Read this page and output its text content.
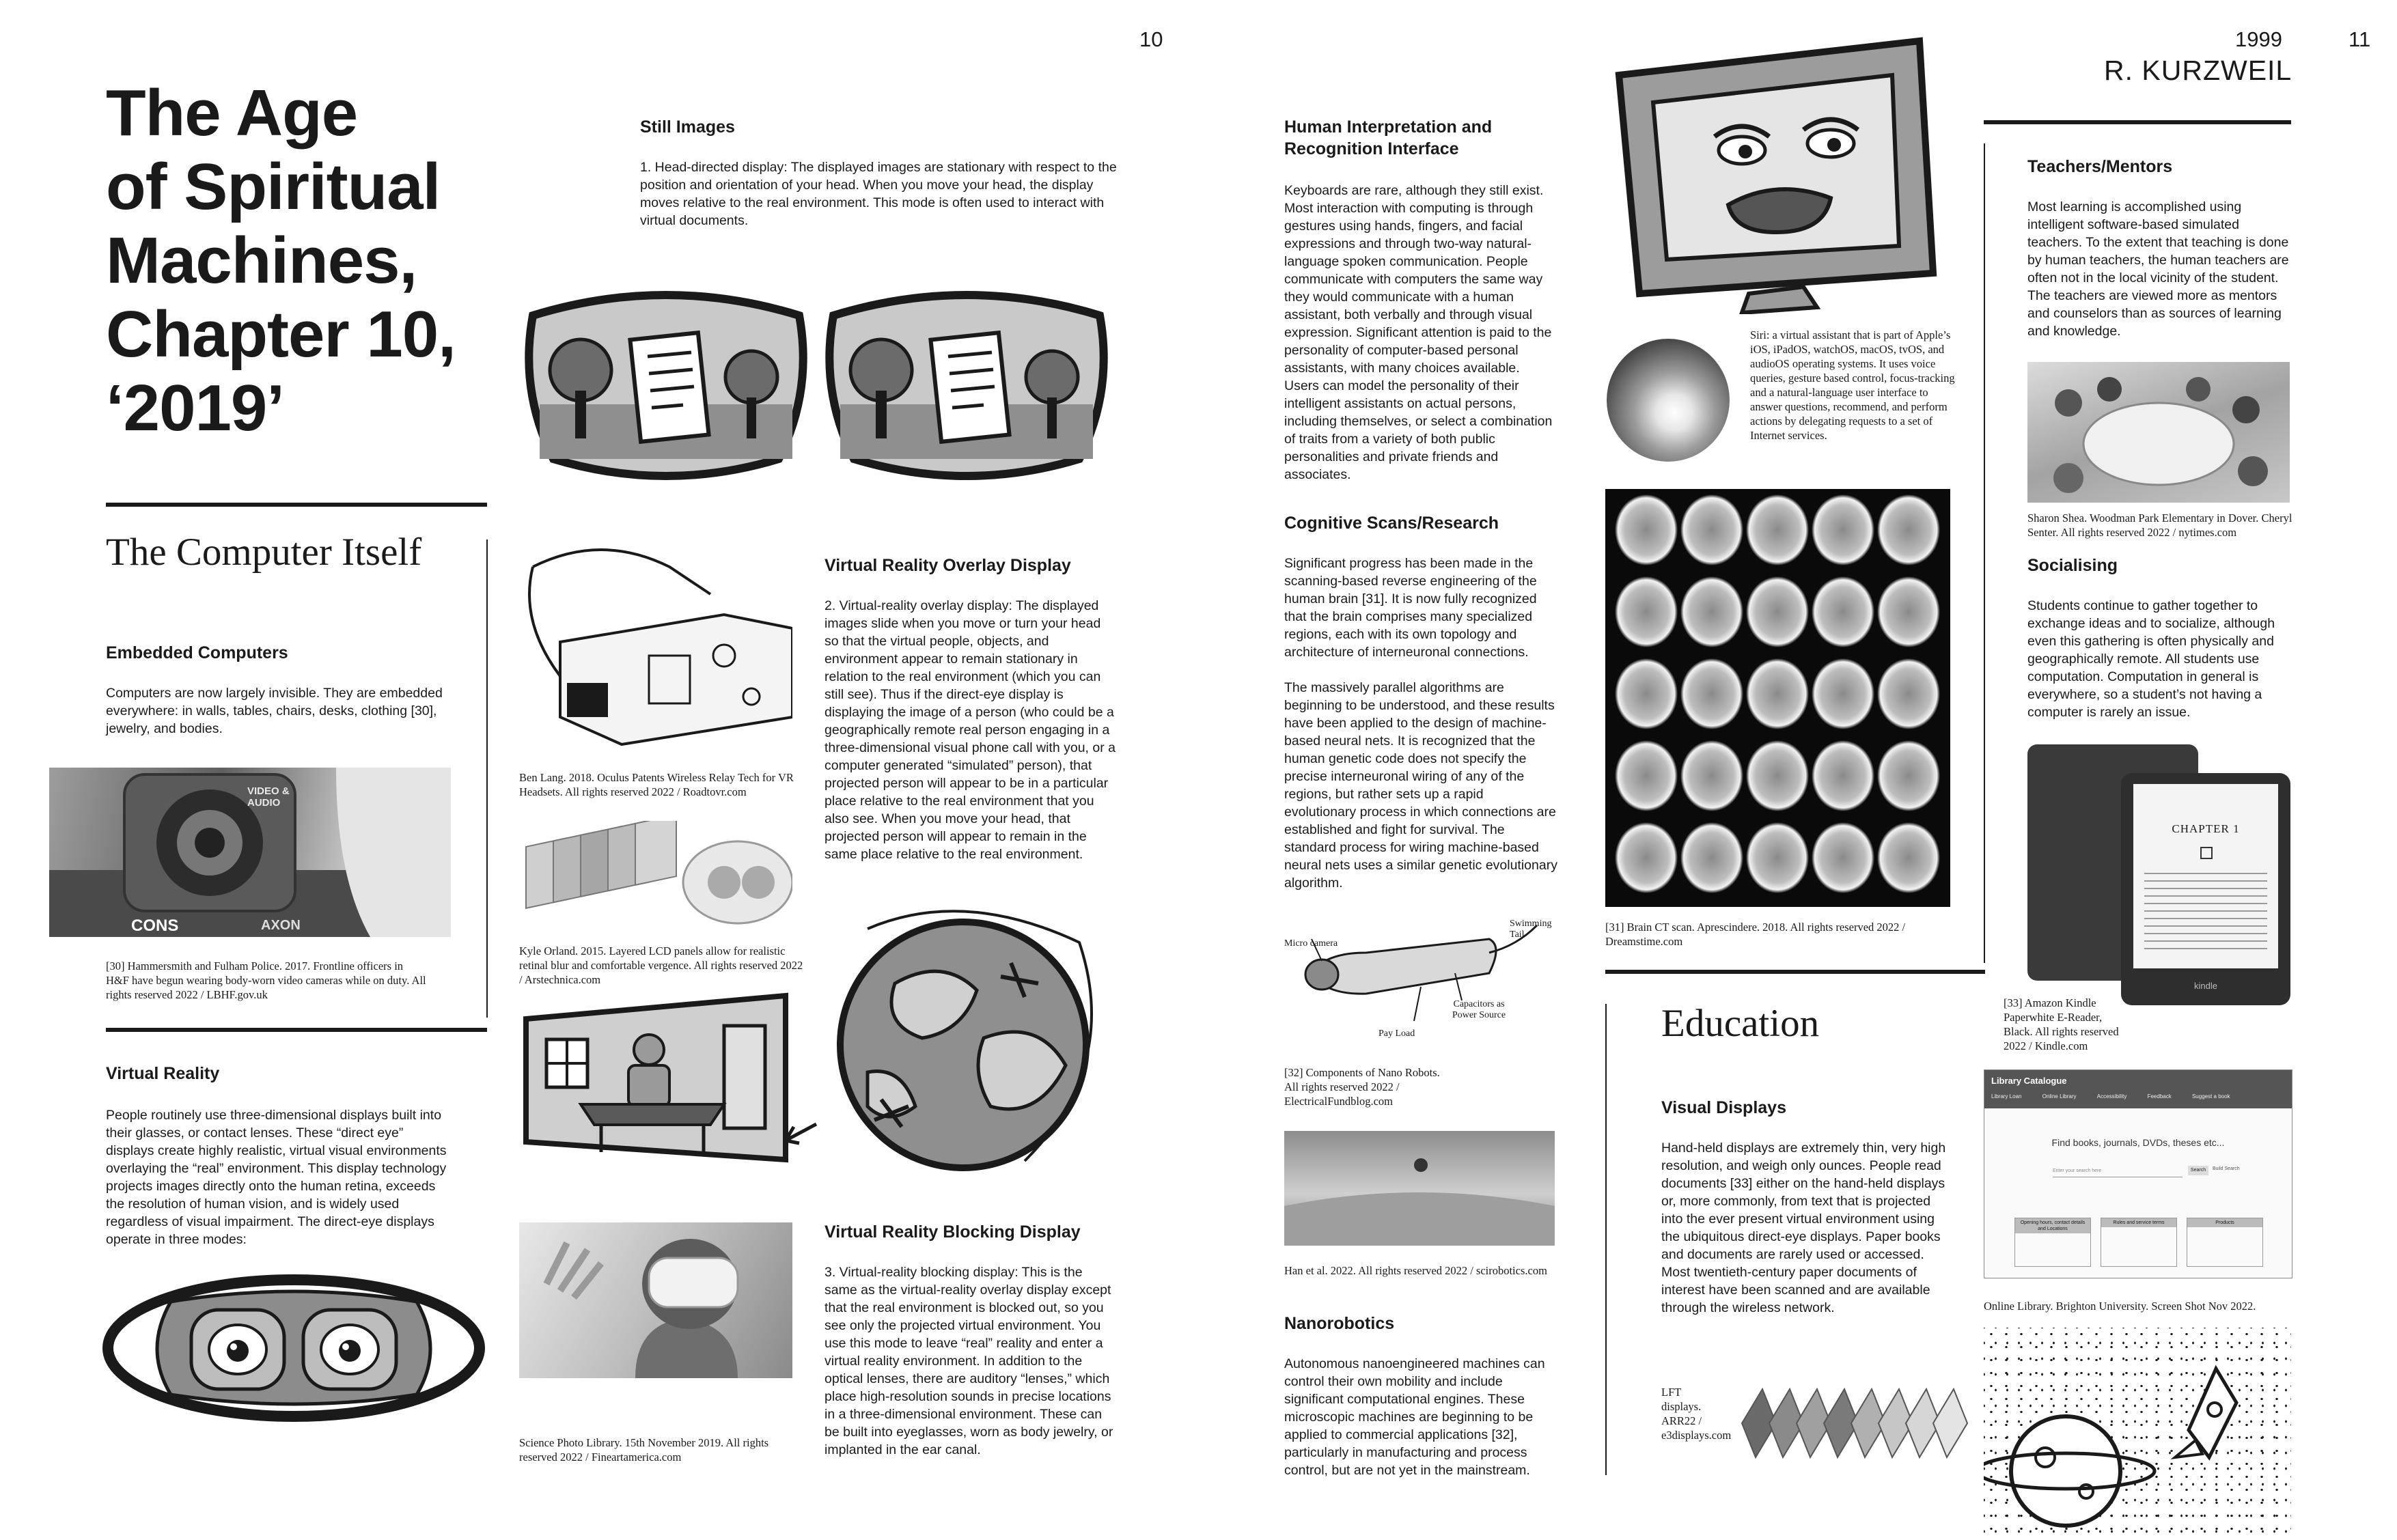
10	11
1999
R. KURZWEIL
The Age
of Spiritual
Machines,
Chapter 10,
‘2019’
The Computer Itself
Embedded Computers

Computers are now largely invisible. They are embedded everywhere: in walls, tables, chairs, desks, clothing [30], jewelry, and bodies.

VIDEO & AUDIO
AXON
CONS

[30] Hammersmith and Fulham Police. 2017. Frontline officers in H&F have begun wearing body-worn video cameras while on duty. All rights reserved 2022 / LBHF.gov.uk

Virtual Reality

People routinely use three-dimensional displays built into their glasses, or contact lenses. These “direct eye” displays create highly realistic, virtual visual environments overlaying the “real” environment. This display technology projects images directly onto the human retina, exceeds the resolution of human vision, and is widely used regardless of visual impairment. The direct-eye displays operate in three modes:

Still Images

1. Head-directed display: The displayed images are stationary with respect to the position and orientation of your head. When you move your head, the display moves relative to the real environment. This mode is often used to interact with virtual documents.

Ben Lang. 2018. Oculus Patents Wireless Relay Tech for VR Headsets. All rights reserved 2022 / Roadtovr.com

Kyle Orland. 2015. Layered LCD panels allow for realistic retinal blur and comfortable vergence. All rights reserved 2022 / Arstechnica.com

Virtual Reality Overlay Display

2. Virtual-reality overlay display: The displayed images slide when you move or turn your head so that the virtual people, objects, and environment appear to remain stationary in relation to the real environment (which you can still see). Thus if the direct-eye display is displaying the image of a person (who could be a geographically remote real person engaging in a three-dimensional visual phone call with you, or a computer generated “simulated” person), that projected person will appear to be in a particular place relative to the real environment that you also see. When you move your head, that projected person will appear to remain in the same place relative to the real environment.

Science Photo Library. 15th November 2019. All rights reserved 2022 / Fineartamerica.com

Virtual Reality Blocking Display

3. Virtual-reality blocking display: This is the same as the virtual-reality overlay display except that the real environment is blocked out, so you see only the projected virtual environment. You use this mode to leave “real” reality and enter a virtual reality environment. In addition to the optical lenses, there are auditory “lenses,” which place high-resolution sounds in precise locations in a three-dimensional environment. These can be built into eyeglasses, worn as body jewelry, or implanted in the ear canal.

Human Interpretation and Recognition Interface

Keyboards are rare, although they still exist. Most interaction with computing is through gestures using hands, fingers, and facial expressions and through two-way natural-language spoken communication. People communicate with computers the same way they would communicate with a human assistant, both verbally and through visual expression. Significant attention is paid to the personality of computer-based personal assistants, with many choices available. Users can model the personality of their intelligent assistants on actual persons, including themselves, or select a combination of traits from a variety of both public personalities and private friends and associates.

Siri: a virtual assistant that is part of Apple’s iOS, iPadOS, watchOS, macOS, tvOS, and audioOS operating systems. It uses voice queries, gesture based control, focus-tracking and a natural-language user interface to answer questions, recommend, and perform actions by delegating requests to a set of Internet services.

Cognitive Scans/Research

Significant progress has been made in the scanning-based reverse engineering of the human brain [31]. It is now fully recognized that the brain comprises many specialized regions, each with its own topology and architecture of interneuronal connections.

The massively parallel algorithms are beginning to be understood, and these results have been applied to the design of machine-based neural nets. It is recognized that the human genetic code does not specify the precise interneuronal wiring of any of the regions, but rather sets up a rapid evolutionary process in which connections are established and fight for survival. The standard process for wiring machine-based neural nets uses a similar genetic evolutionary algorithm.

[31] Brain CT scan. Aprescindere. 2018. All rights reserved 2022 / Dreamstime.com

Micro camera
Swimming Tail
Pay Load
Capacitors as Power Source

[32] Components of Nano Robots. All rights reserved 2022 / ElectricalFundblog.com

Han et al. 2022. All rights reserved 2022 / scirobotics.com

Nanorobotics

Autonomous nanoengineered machines can control their own mobility and include significant computational engines. These microscopic machines are beginning to be applied to commercial applications [32], particularly in manufacturing and process control, but are not yet in the mainstream.

Education
Visual Displays

Hand-held displays are extremely thin, very high resolution, and weigh only ounces. People read documents [33] either on the hand-held displays or, more commonly, from text that is projected into the ever present virtual environment using the ubiquitous direct-eye displays. Paper books and documents are rarely used or accessed. Most twentieth-century paper documents of interest have been scanned and are available through the wireless network.

LFT displays. ARR22 / e3displays.com

Teachers/Mentors

Most learning is accomplished using intelligent software-based simulated teachers. To the extent that teaching is done by human teachers, the human teachers are often not in the local vicinity of the student. The teachers are viewed more as mentors and counselors than as sources of learning and knowledge.

Sharon Shea. Woodman Park Elementary in Dover. Cheryl Senter. All rights reserved 2022 / nytimes.com

Socialising

Students continue to gather together to exchange ideas and to socialize, although even this gathering is often physically and geographically remote. All students use computation. Computation in general is everywhere, so a student’s not having a computer is rarely an issue.

CHAPTER 1
kindle

[33] Amazon Kindle Paperwhite E-Reader, Black. All rights reserved 2022 / Kindle.com

Library Catalogue
Library Loan	Online Library	Accessibility	Feedback	Suggest a book
Find books, journals, DVDs, theses etc...
Enter your search here	Search	Build Search
Opening hours, contact details and Locations
Rules and service terms	Products

Online Library. Brighton University. Screen Shot Nov 2022.
